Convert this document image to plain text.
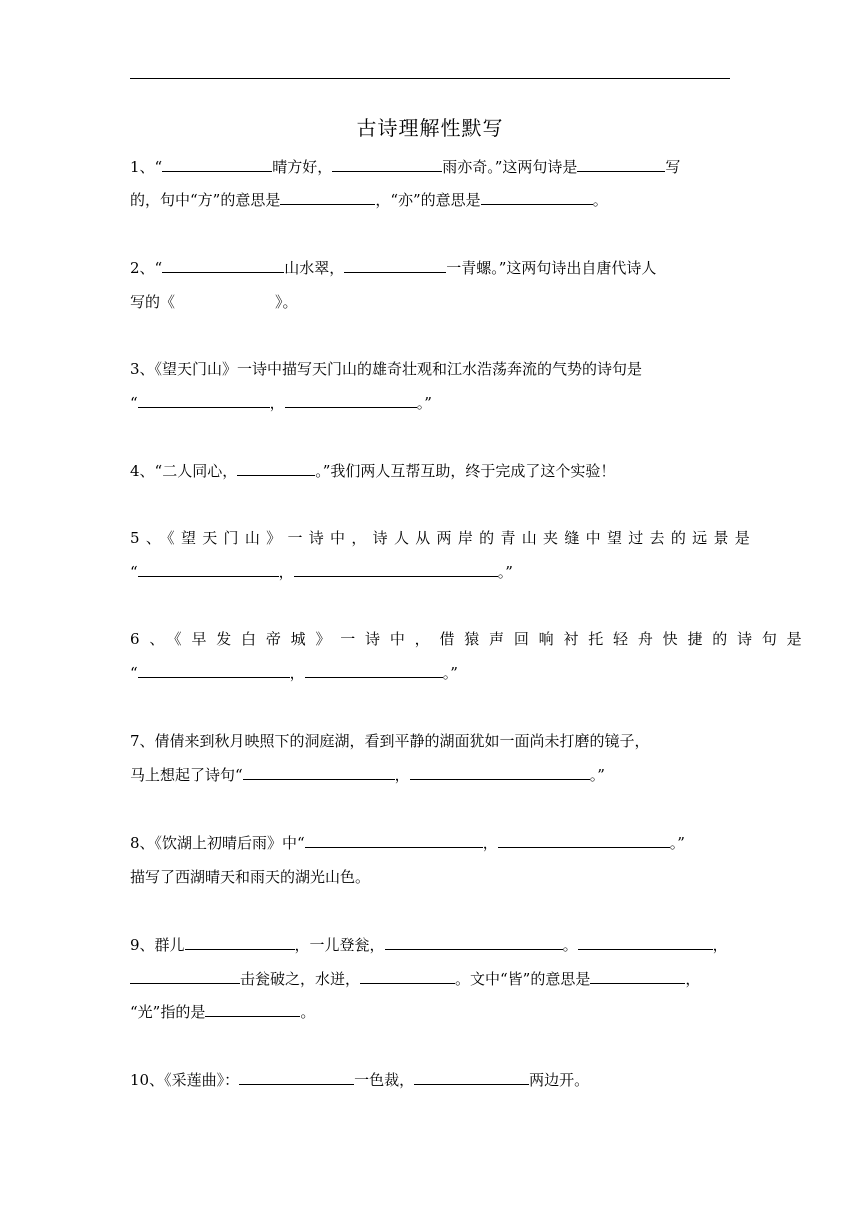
古诗理解性默写
1、“	晴方好，	雨亦奇。”这两句诗是	写
的，句中“方”的意思是	，“亦”的意思是	。
2、“	山水翠，	一青螺。”这两句诗出自唐代诗人
写的《	》。
3、《望天门山》一诗中描写天门山的雄奇壮观和江水浩荡奔流的气势的诗句是
“	，	。”
4、“二人同心，	。”我们两人互帮互助，终于完成了这个实验！
5、《望天门山》一诗中，诗人从两岸的青山夹缝中望过去的远景是
“	，	。”
6、《早发白帝城》一诗中，借猿声回响衬托轻舟快捷的诗句是
“	，	。”
7、倩倩来到秋月映照下的洞庭湖，看到平静的湖面犹如一面尚未打磨的镜子，
马上想起了诗句“	，	。”
8、《饮湖上初晴后雨》中“	，	。”
描写了西湖晴天和雨天的湖光山色。
9、群儿	，一儿登瓮，	。	，
击瓮破之，水迸，	。文中“皆”的意思是	，
“光”指的是	。
10、《采莲曲》：	一色裁，	两边开。
